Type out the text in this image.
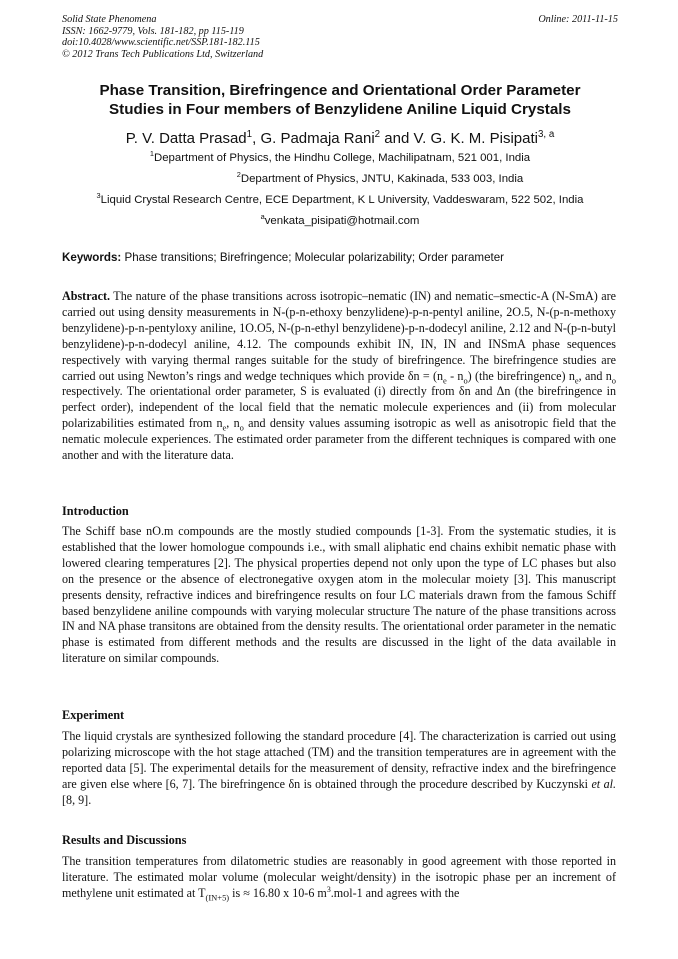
Solid State Phenomena
ISSN: 1662-9779, Vols. 181-182, pp 115-119
doi:10.4028/www.scientific.net/SSP.181-182.115
© 2012 Trans Tech Publications Ltd, Switzerland
Online: 2011-11-15
Phase Transition, Birefringence and Orientational Order Parameter
Studies in Four members of Benzylidene Aniline Liquid Crystals
P. V. Datta Prasad$^1$, G. Padmaja Rani$^2$ and V. G. K. M. Pisipati$^{3, a}$
$^1$Department of Physics, the Hindhu College, Machilipatnam, 521 001, India
$^2$Department of Physics, JNTU, Kakinada, 533 003, India
$^3$Liquid Crystal Research Centre, ECE Department, K L University, Vaddeswaram, 522 502, India
$^a$venkata_pisipati@hotmail.com
Keywords: Phase transitions; Birefringence; Molecular polarizability; Order parameter
Abstract. The nature of the phase transitions across isotropic–nematic (IN) and nematic–smectic-A (N-SmA) are carried out using density measurements in N-(p-n-ethoxy benzylidene)-p-n-pentyl aniline, 2O.5, N-(p-n-methoxy benzylidene)-p-n-pentyloxy aniline, 1O.O5, N-(p-n-ethyl benzylidene)-p-n-dodecyl aniline, 2.12 and N-(p-n-butyl benzylidene)-p-n-dodecyl aniline, 4.12. The compounds exhibit IN, IN, IN and INSmA phase sequences respectively with varying thermal ranges suitable for the study of birefringence. The birefringence studies are carried out using Newton’s rings and wedge techniques which provide $\delta n = (n_e - n_o)$ (the birefringence) $n_e$, and $n_o$ respectively. The orientational order parameter, S is evaluated (i) directly from δn and Δn (the birefringence in perfect order), independent of the local field that the nematic molecule experiences and (ii) from molecular polarizabilities estimated from $n_e$, $n_o$ and density values assuming isotropic as well as anisotropic field that the nematic molecule experiences. The estimated order parameter from the different techniques is compared with one another and with the literature data.
Introduction
The Schiff base nO.m compounds are the mostly studied compounds [1-3]. From the systematic studies, it is established that the lower homologue compounds i.e., with small aliphatic end chains exhibit nematic phase with lowered clearing temperatures [2]. The physical properties depend not only upon the type of LC phases but also on the presence or the absence of electronegative oxygen atom in the molecular moiety [3]. This manuscript presents density, refractive indices and birefringence results on four LC materials drawn from the famous Schiff based benzylidene aniline compounds with varying molecular structure The nature of the phase transitions across IN and NA phase transitons are obtained from the density results. The orientational order parameter in the nematic phase is estimated from different methods and the results are discussed in the light of the data available in literature on similar compounds.
Experiment
The liquid crystals are synthesized following the standard procedure [4]. The characterization is carried out using polarizing microscope with the hot stage attached (TM) and the transition temperatures are in agreement with the reported data [5]. The experimental details for the measurement of density, refractive index and the birefringence are given else where [6, 7]. The birefringence δn is obtained through the procedure described by Kuczynski et al. [8, 9].
Results and Discussions
The transition temperatures from dilatometric studies are reasonably in good agreement with those reported in literature. The estimated molar volume (molecular weight/density) in the isotropic phase per an increment of methylene unit estimated at $T_{(IN+5)}$ is ≈ 16.80 x 10-6 $m^3.mol-1$ and agrees with the
